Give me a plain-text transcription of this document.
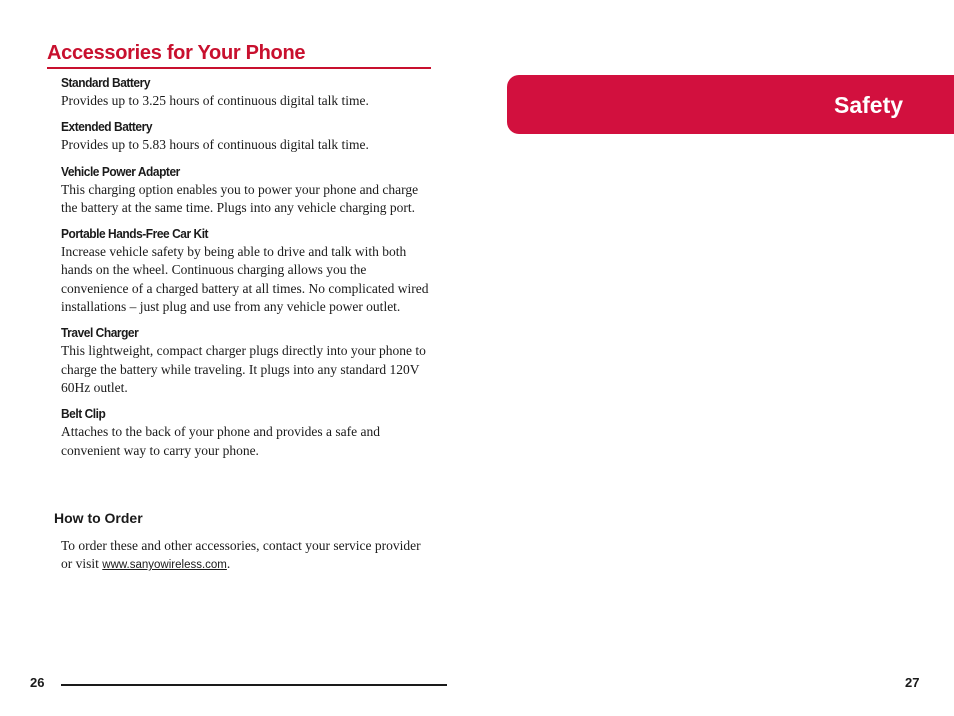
Accessories for Your Phone
Standard Battery

Provides up to 3.25 hours of continuous digital talk time.

Extended Battery

Provides up to 5.83 hours of continuous digital talk time.

Vehicle Power Adapter

This charging option enables you to power your phone and charge the battery at the same time. Plugs into any vehicle charging port.

Portable Hands-Free Car Kit

Increase vehicle safety by being able to drive and talk with both hands on the wheel. Continuous charging allows you the convenience of a charged battery at all times. No complicated wired installations – just plug and use from any vehicle power outlet.

Travel Charger

This lightweight, compact charger plugs directly into your phone to charge the battery while traveling. It plugs into any standard 120V 60Hz outlet.

Belt Clip

Attaches to the back of your phone and provides a safe and convenient way to carry your phone.

How to Order

To order these and other accessories, contact your service provider or visit www.sanyowireless.com.

26
Safety
27
